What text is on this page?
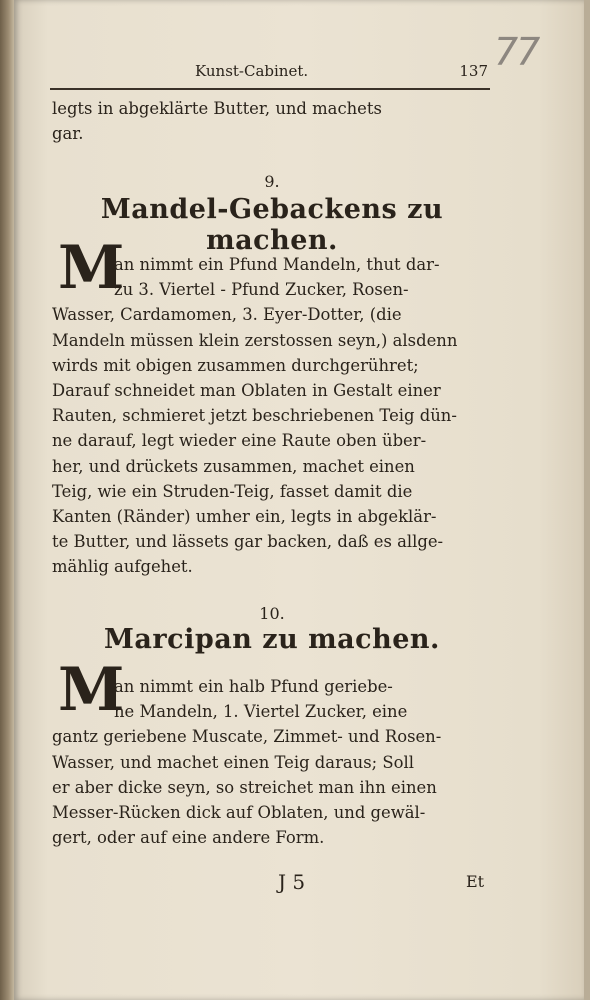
77
Kunst-Cabinet.	137
legts in abgeklärte Butter, und machets
gar.
9.
Mandel-Gebackens zu machen.
M
an nimmt ein Pfund Mandeln, thut dar-
zu 3. Viertel - Pfund Zucker, Rosen-
Wasser, Cardamomen, 3. Eyer-Dotter, (die
Mandeln müssen klein zerstossen seyn,) alsdenn
wirds mit obigen zusammen durchgerühret;
Darauf schneidet man Oblaten in Gestalt einer
Rauten, schmieret jetzt beschriebenen Teig dün-
ne darauf, legt wieder eine Raute oben über-
her, und drückets zusammen, machet einen
Teig, wie ein Struden-Teig, fasset damit die
Kanten (Ränder) umher ein, legts in abgeklär-
te Butter, und lässets gar backen, daß es allge-
mählig aufgehet.
10.
Marcipan zu machen.
M
an nimmt ein halb Pfund geriebe-
ne Mandeln, 1. Viertel Zucker, eine
gantz geriebene Muscate, Zimmet- und Rosen-
Wasser, und machet einen Teig daraus; Soll
er aber dicke seyn, so streichet man ihn einen
Messer-Rücken dick auf Oblaten, und gewäl-
gert, oder auf eine andere Form.
J 5	Et
